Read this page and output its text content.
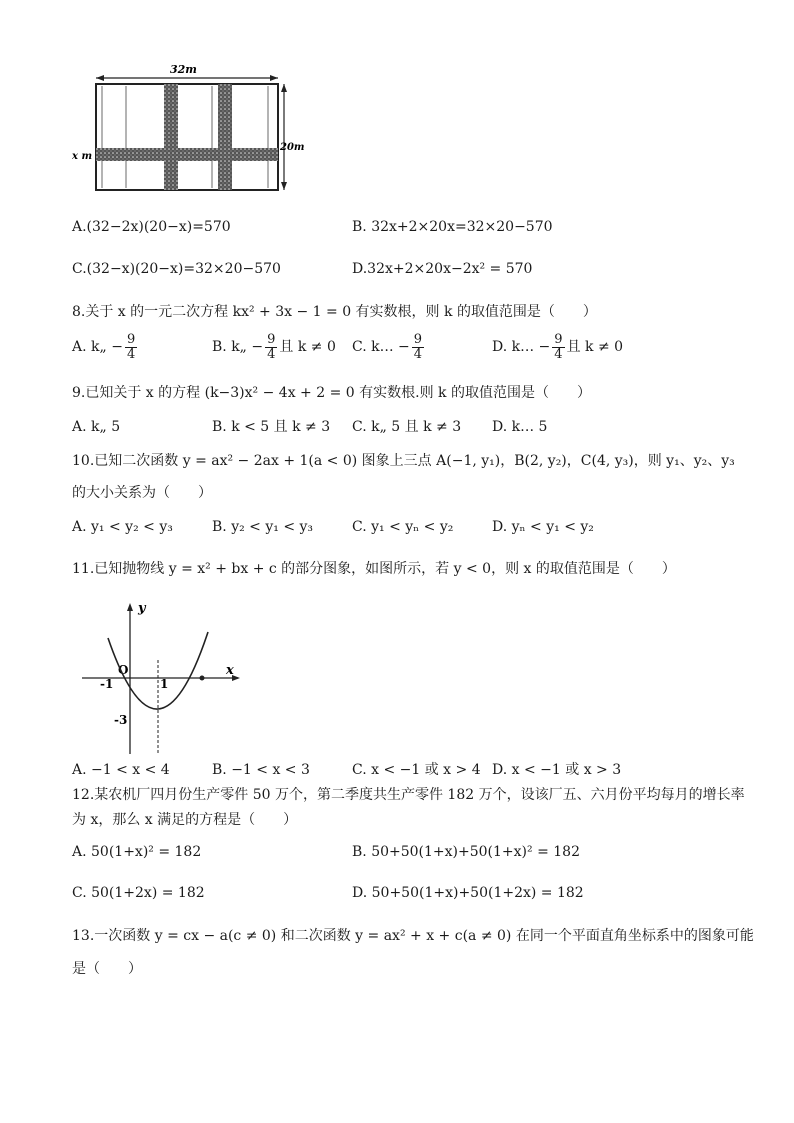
32m
20m
x m
A.(32−2x)(20−x)=570	B. 32x+2×20x=32×20−570
C.(32−x)(20−x)=32×20−570	D.32x+2×20x−2x² = 570
8.关于 x 的一元二次方程 kx² + 3x − 1 = 0 有实数根，则 k 的取值范围是（　　）
A. k„ − $\frac{9}{4}$	B. k„ − $\frac{9}{4}$ 且 k ≠ 0 C. k… − $\frac{9}{4}$	D. k… − $\frac{9}{4}$ 且 k ≠ 0
9.已知关于 x 的方程 (k−3)x² − 4x + 2 = 0 有实数根.则 k 的取值范围是（　　）
A. k„ 5	B. k < 5 且 k ≠ 3 C. k„ 5 且 k ≠ 3 D. k… 5
10.已知二次函数 y = ax² − 2ax + 1(a < 0) 图象上三点 A(−1, y₁)，B(2, y₂)，C(4, y₃)，则 y₁、y₂、y₃
的大小关系为（　　）
A. y₁ < y₂ < y₃	B. y₂ < y₁ < y₃	C. y₁ < yₙ < y₂	D. yₙ < y₁ < y₂
11.已知抛物线 y = x² + bx + c 的部分图象，如图所示，若 y < 0，则 x 的取值范围是（　　）
y
x
O
-1	1
-3
A. −1 < x < 4	B. −1 < x < 3	C. x < −1 或 x > 4 D. x < −1 或 x > 3
12.某农机厂四月份生产零件 50 万个，第二季度共生产零件 182 万个，设该厂五、六月份平均每月的增长率
为 x，那么 x 满足的方程是（　　）
A. 50(1+x)² = 182	B. 50+50(1+x)+50(1+x)² = 182
C. 50(1+2x) = 182	D. 50+50(1+x)+50(1+2x) = 182
13.一次函数 y = cx − a(c ≠ 0) 和二次函数 y = ax² + x + c(a ≠ 0) 在同一个平面直角坐标系中的图象可能
是（　　）
